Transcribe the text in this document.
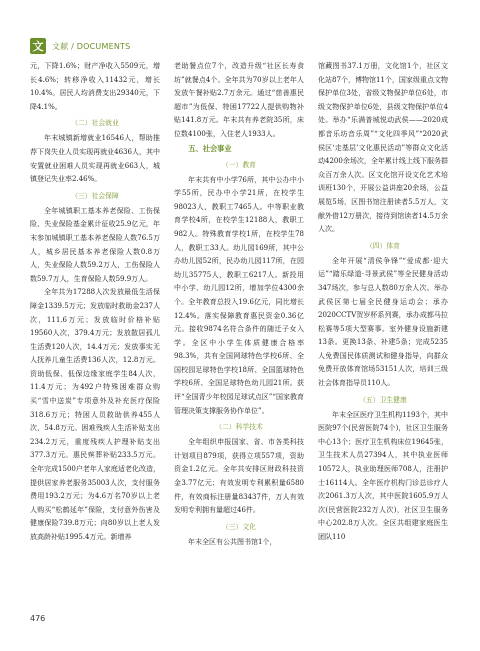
文	文献 / DOCUMENTS

元，下降1.6%；财产净收入5509元，增长4.6%；转移净收入11432元，增长10.4%。居民人均消费支出29340元，下降4.1%。

（二）社会就业

年末城镇新增就业16546人，帮助推荐下岗失业人员实现再就业4636人，其中安置就业困难人员实现再就业663人，城镇登记失业率2.46%。

（三）社会保障

全年城镇职工基本养老保险、工伤保险、失业保险基金累计征收25.9亿元，年末参加城镇职工基本养老保险人数76.5万人，城乡居民基本养老保险人数0.8万人，失业保险人数59.2万人，工伤保险人数59.7万人，生育保险人数59.9万人。

全年共为17288人次发放最低生活保障金1339.5万元；发放临时救助金237人次，111.6万元；发放临时价格补贴19560人次，379.4万元；发放散居孤儿生活费120人次，14.4万元；发放事实无人抚养儿童生活费136人次，12.8万元。资助低保、低保边缘家庭学生84人次，11.4万元；为492户特殊困难群众购买“雪中送炭”专项意外及补充医疗保险318.6万元；特困人员救助供养455人次，54.8万元。困难残疾人生活补贴支出234.2万元，重度残疾人护理补贴支出377.3万元。惠民殡葬补贴233.5万元。全年完成1500户老年人家庭适老化改造，提供居家养老服务35003人次，支付服务费用193.2万元；为4.6万名70岁以上老人购买“松鹤延年”保险，支付意外伤害及健康保险739.8万元；向80岁以上老人发放高龄补贴1995.4万元。新增养

老助餐点位7个，改造升级“社区长寿食坊”就餐点4个。全年共为70岁以上老年人发放午餐补贴2.7万余元。通过“慈善惠民超市”为低保、特困17722人提供购物补贴141.8万元。年末共有养老院35所，床位数4100张，入住老人1933人。

五、社会事业
（一）教育

年末共有中小学76所，其中公办中小学55所，民办中小学21所，在校学生98023人，教职工7465人。中等职业教育学校4所，在校学生12188人，教职工982人。特殊教育学校1所，在校学生78人，教职工33人。幼儿园169所，其中公办幼儿园52所，民办幼儿园117所，在园幼儿35775人，教职工6217人。新投用中小学、幼儿园12所，增加学位4300余个。全年教育总投入19.6亿元，同比增长12.4%。落实保障教育惠民资金0.36亿元。接收9874名符合条件的随迁子女入学。全区中小学生体质健康合格率98.3%，共有全国网球特色学校6所、全国校园足球特色学校18所、全国篮球特色学校6所、全国足球特色幼儿园21所。获评“全国青少年校园足球试点区”“国家教育管理决策支撑服务协作单位”。

（二）科学技术

全年组织申报国家、省、市各类科技计划项目879项，获得立项557项，资助资金1.2亿元。全年共安排区财政科技资金3.77亿元；有效发明专利累积量6580件，有效商标注册量83437件，万人有效发明专利拥有量超过46件。

（三）文化

年末全区有公共图书馆1个，

馆藏图书37.1万册，文化馆1个，社区文化站87个，博物馆11个，国家级重点文物保护单位3处，省级文物保护单位6处，市级文物保护单位6处，县级文物保护单位4处。举办“乐满普城悦动武侯——2020成都音乐坊音乐周”“文化四季风”“2020武侯区‘走基层’文化惠民活动”等群众文化活动4200余场次，全年累计线上线下服务群众百万余人次。区文化馆开设文化艺术培训班130个，开展公益讲座20余场，公益展览5场，区图书馆注册读者5.5万人，文献外借12万册次，接待到馆读者14.5万余人次。

（四）体育

全年开展“清侯争锋”“爱成都·迎大运”“踏乐绿道·寻景武侯”等全民健身活动347场次，参与总人数80万余人次。举办武侯区第七届全民健身运动会；承办2020CCTV贺岁杯系列赛，承办成都马拉松赛等5项大型赛事。室外健身设施新建13条。更换13条、补建5条；完成5235人免费国民体质测试和健身指导，向群众免费开放体育馆场53151人次，培训三级社会体育指导员110人。

（五）卫生健康

年末全区医疗卫生机构1193个，其中医院97个(民营医院74个)，社区卫生服务中心13个；医疗卫生机构床位19645张，卫生技术人员27394人，其中执业医师10572人，执业助理医师708人，注册护士16114人。全年医疗机构门诊总诊疗人次2061.3万人次，其中医院1605.9万人次(民营医院232万人次)，社区卫生服务中心202.8万人次。全区共组建家庭医生团队110

476
